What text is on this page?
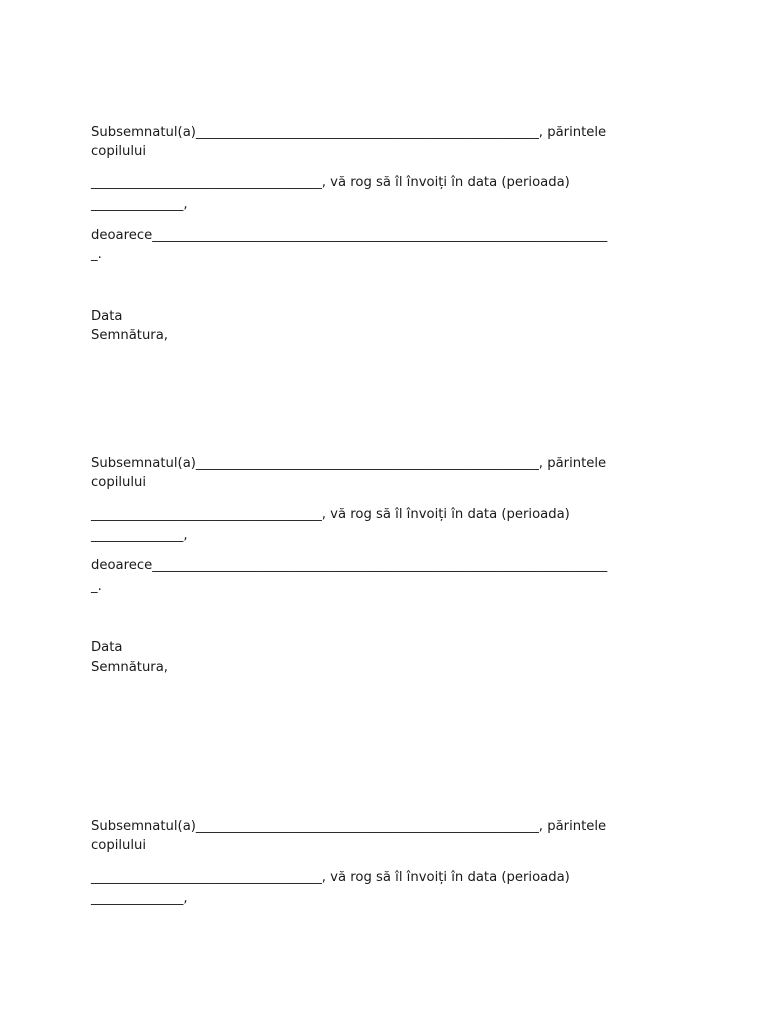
Subsemnatul(a)____________________________________________________, părintele
copilului
___________________________________, vă rog să îl învoiți în data (perioada)
______________,
deoarece_____________________________________________________________________
_.
Data
Semnătura,
Subsemnatul(a)____________________________________________________, părintele
copilului
___________________________________, vă rog să îl învoiți în data (perioada)
______________,
deoarece_____________________________________________________________________
_.
Data
Semnătura,
Subsemnatul(a)____________________________________________________, părintele
copilului
___________________________________, vă rog să îl învoiți în data (perioada)
______________,
